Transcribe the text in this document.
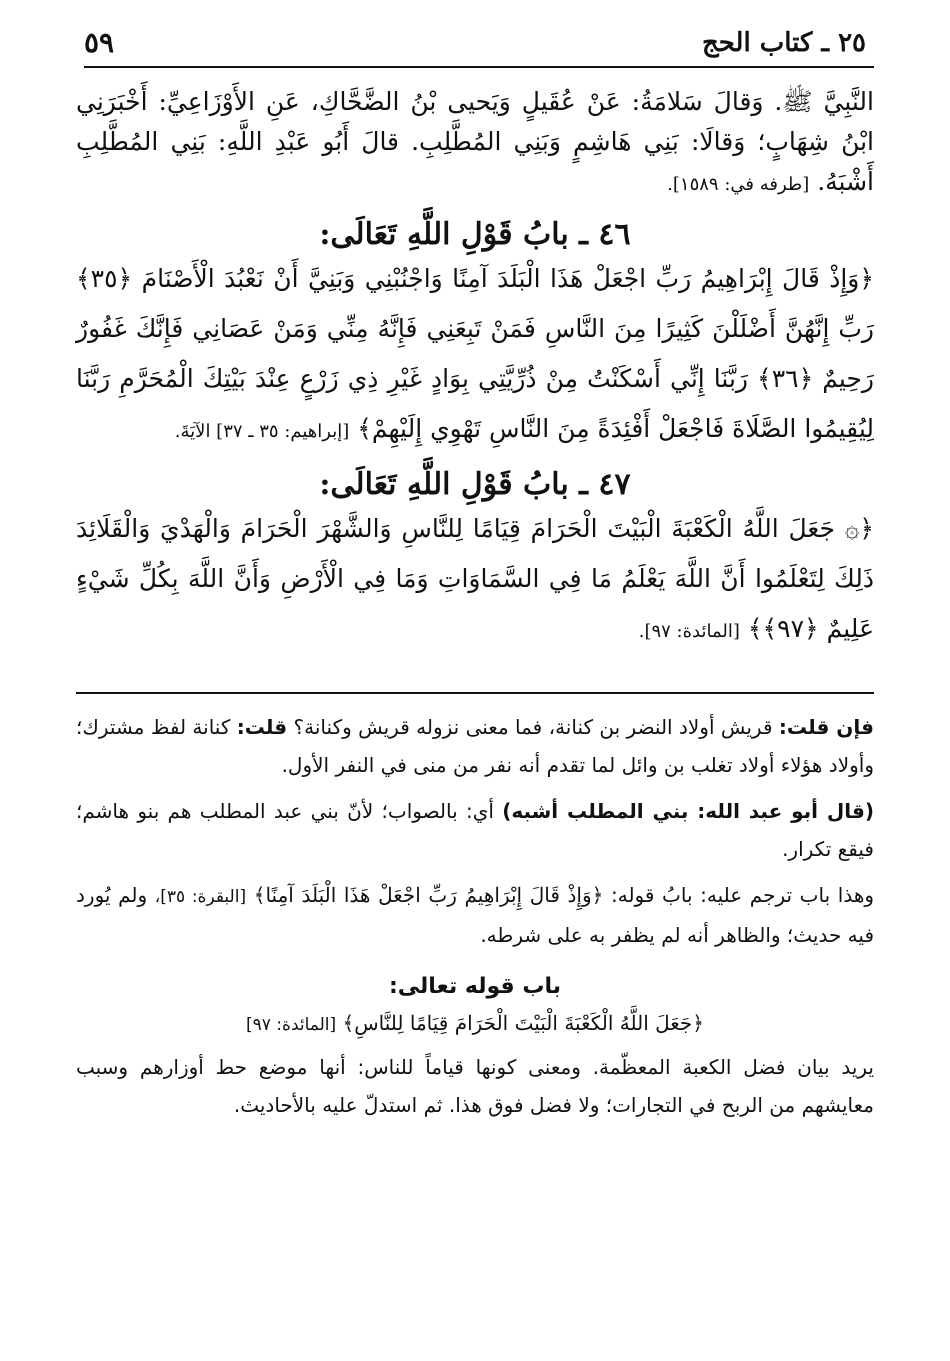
٢٥ ـ كتاب الحج
٥٩

النَّبِيَّ ﷺ. وَقالَ سَلامَةُ: عَنْ عُقَيلٍ وَيَحيى بْنُ الضَّحَّاكِ، عَنِ الأَوْزَاعِيِّ: أَخْبَرَنِي ابْنُ شِهَابٍ؛ وَقالَا: بَنِي هَاشِمٍ وَبَنِي المُطَّلِبِ. قالَ أَبُو عَبْدِ اللَّهِ: بَنِي المُطَّلِبِ أَشْبَهُ. [طرفه في: ١٥٨٩].

٤٦ ـ بابُ قَوْلِ اللَّهِ تَعَالَى:

﴿وَإِذْ قَالَ إِبْرَاهِيمُ رَبِّ اجْعَلْ هَذَا الْبَلَدَ آمِنًا وَاجْنُبْنِي وَبَنِيَّ أَنْ نَعْبُدَ الْأَصْنَامَ ﴿٣٥﴾ رَبِّ إِنَّهُنَّ أَضْلَلْنَ كَثِيرًا مِنَ النَّاسِ فَمَنْ تَبِعَنِي فَإِنَّهُ مِنِّي وَمَنْ عَصَانِي فَإِنَّكَ غَفُورٌ رَحِيمٌ ﴿٣٦﴾ رَبَّنَا إِنِّي أَسْكَنْتُ مِنْ ذُرِّيَّتِي بِوَادٍ غَيْرِ ذِي زَرْعٍ عِنْدَ بَيْتِكَ الْمُحَرَّمِ رَبَّنَا لِيُقِيمُوا الصَّلَاةَ فَاجْعَلْ أَفْئِدَةً مِنَ النَّاسِ تَهْوِي إِلَيْهِمْ﴾ [إبراهيم: ٣٥ ـ ٣٧] الآيَةَ.

٤٧ ـ بابُ قَوْلِ اللَّهِ تَعَالَى:

﴿۞ جَعَلَ اللَّهُ الْكَعْبَةَ الْبَيْتَ الْحَرَامَ قِيَامًا لِلنَّاسِ وَالشَّهْرَ الْحَرَامَ وَالْهَدْيَ وَالْقَلَائِدَ ذَلِكَ لِتَعْلَمُوا أَنَّ اللَّهَ يَعْلَمُ مَا فِي السَّمَاوَاتِ وَمَا فِي الْأَرْضِ وَأَنَّ اللَّهَ بِكُلِّ شَيْءٍ عَلِيمٌ ﴿٩٧﴾﴾ [المائدة: ٩٧].

فإن قلت: قريش أولاد النضر بن كنانة، فما معنى نزوله قريش وكنانة؟ قلت: كنانة لفظ مشترك؛ وأولاد هؤلاء أولاد تغلب بن وائل لما تقدم أنه نفر من منى في النفر الأول.

(قال أبو عبد الله: بني المطلب أشبه) أي: بالصواب؛ لأنّ بني عبد المطلب هم بنو هاشم؛ فيقع تكرار.

وهذا باب ترجم عليه: بابُ قوله: ﴿وَإِذْ قَالَ إِبْرَاهِيمُ رَبِّ اجْعَلْ هَذَا الْبَلَدَ آمِنًا﴾ [البقرة: ٣٥]، ولم يُورد فيه حديث؛ والظاهر أنه لم يظفر به على شرطه.

باب قوله تعالى:

﴿جَعَلَ اللَّهُ الْكَعْبَةَ الْبَيْتَ الْحَرَامَ قِيَامًا لِلنَّاسِ﴾ [المائدة: ٩٧]

يريد بيان فضل الكعبة المعظّمة. ومعنى كونها قياماً للناس: أنها موضع حط أوزارهم وسبب معايشهم من الربح في التجارات؛ ولا فضل فوق هذا. ثم استدلّ عليه بالأحاديث.
